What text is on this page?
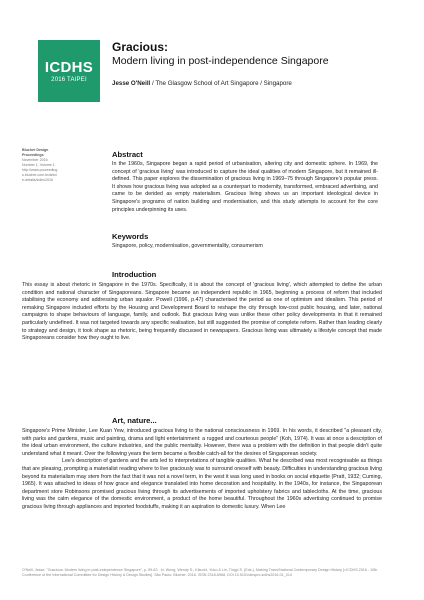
ICDHS
2016 TAIPEI
Gracious:
Modern living in post-independence Singapore
Jesse O'Neill / The Glasgow School of Art Singapore / Singapore
Blucher Design
Proceedings
November 2016
Number 1, Volume 1
http://www.proceeding
s.blucher.com.br/articl
e-details/icdhs2016
Abstract
In the 1960s, Singapore began a rapid period of urbanisation, altering city and domestic sphere. In 1969, the concept of 'gracious living' was introduced to capture the ideal qualities of modern Singapore, but it remained ill-defined. This paper explores the dissemination of gracious living in 1969–75 through Singapore's popular press. It shows how gracious living was adopted as a counterpart to modernity, transformed, embraced advertising, and came to be derided as empty materialism. Gracious living shows us an important ideological device in Singapore's programs of nation building and modernisation, and this study attempts to account for the core principles underpinning its uses.
Keywords
Singapore, policy, modernisation, governmentality, consumerism
Introduction
This essay is about rhetoric in Singapore in the 1970s. Specifically, it is about the concept of 'gracious living', which attempted to define the urban condition and national character of Singaporeans. Singapore became an independent republic in 1965, beginning a process of reform that included stabilising the economy and addressing urban squalor. Powell (1996, p.47) characterised the period as one of optimism and idealism. This period of remaking Singapore included efforts by the Housing and Development Board to reshape the city through low-cost public housing, and later, national campaigns to shape behaviours of language, family, and outlook. But gracious living was unlike these other policy developments in that it remained particularly undefined. It was not targeted towards any specific realisation, but still suggested the promise of complete reform. Rather than leading clearly to strategy and design, it took shape as rhetoric, being frequently discussed in newspapers. Gracious living was ultimately a lifestyle concept that made Singaporeans consider how they ought to live.
Art, nature...

Singapore's Prime Minister, Lee Kuan Yew, introduced gracious living to the national consciousness in 1969. In his words, it described "a pleasant city, with parks and gardens, music and painting, drama and light entertainment: a rugged and courteous people" (Koh, 1974). It was at once a description of the ideal urban environment, the culture industries, and the public mentality. However, there was a problem with the definition in that people didn't quite understand what it meant. Over the following years the term became a flexible catch-all for the desires of Singaporean society.

Lee's description of gardens and the arts led to interpretations of tangible qualities. What he described was most recognisable as things that are pleasing, prompting a materialist reading where to live graciously was to surround oneself with beauty. Difficulties in understanding gracious living beyond its materialism may stem from the fact that it was not a novel term, in the west it was long used in books on social etiquette (Pratt, 1932; Cuming, 1965). It was attached to ideas of how grace and elegance translated into home decoration and hospitality. In the 1940s, for instance, the Singaporean department store Robinsons promised gracious living through its advertisements of imported upholstery fabrics and tablecloths. At the time, gracious living was the calm elegance of the domestic environment, a product of the home beautiful. Throughout the 1960s advertising continued to promise gracious living through appliances and imported foodstuffs, making it an aspiration to domestic luxury. When Lee

O'Neill, Jesse; "Gracious: Modern living in post-independence Singapore", p. 59-63 . In: Wong, Wendy S.; Kikuchi, Yuko & Lin, Tingyi S. (Eds.). Making Trans/National Contemporary Design History [=ICDHS 2016 - 10th Conference of the International Committee for Design History & Design Studies]. São Paulo: Blucher, 2016. ISSN 2318-6968, DOI 10.5151/despro-icdhs2016-01_014
